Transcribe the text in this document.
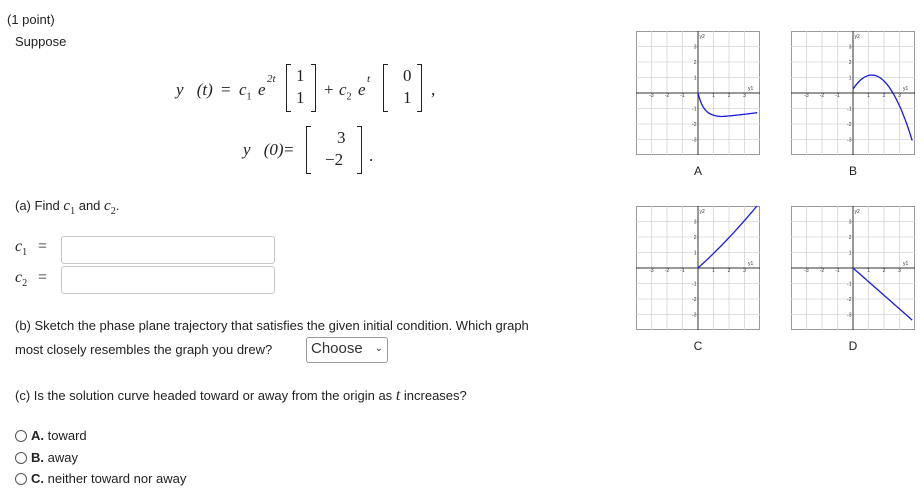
(1 point)
Suppose
y⃗(t) = $c_1$ e
2t 1
$1 + c_2$ e
t 0
1 ,
y⃗(0) =
3
−2 .
(a) Find $c_1$ and $c_2$.
$c_1$ =
$c_2$ =
(b) Sketch the phase plane trajectory that satisfies the given initial condition. Which graph
most closely resembles the graph you drew?	Choose ⌄
(c) Is the solution curve headed toward or away from the origin as t increases?
A. toward
B. away
C. neither toward nor away
-3 -2 -1	1	2	3
3
2
1
-1
-2
-3
y1
y2
A
-3 -2 -1	1	2	3
3
2
1
-1
-2
-3
y1
y2
B
-3 -2 -1	1	2	3
3
2
1
-1
-2
-3
y1
y2
C
-3 -2 -1	1	2	3
3
2
1
-1
-2
-3
y1
y2
D
